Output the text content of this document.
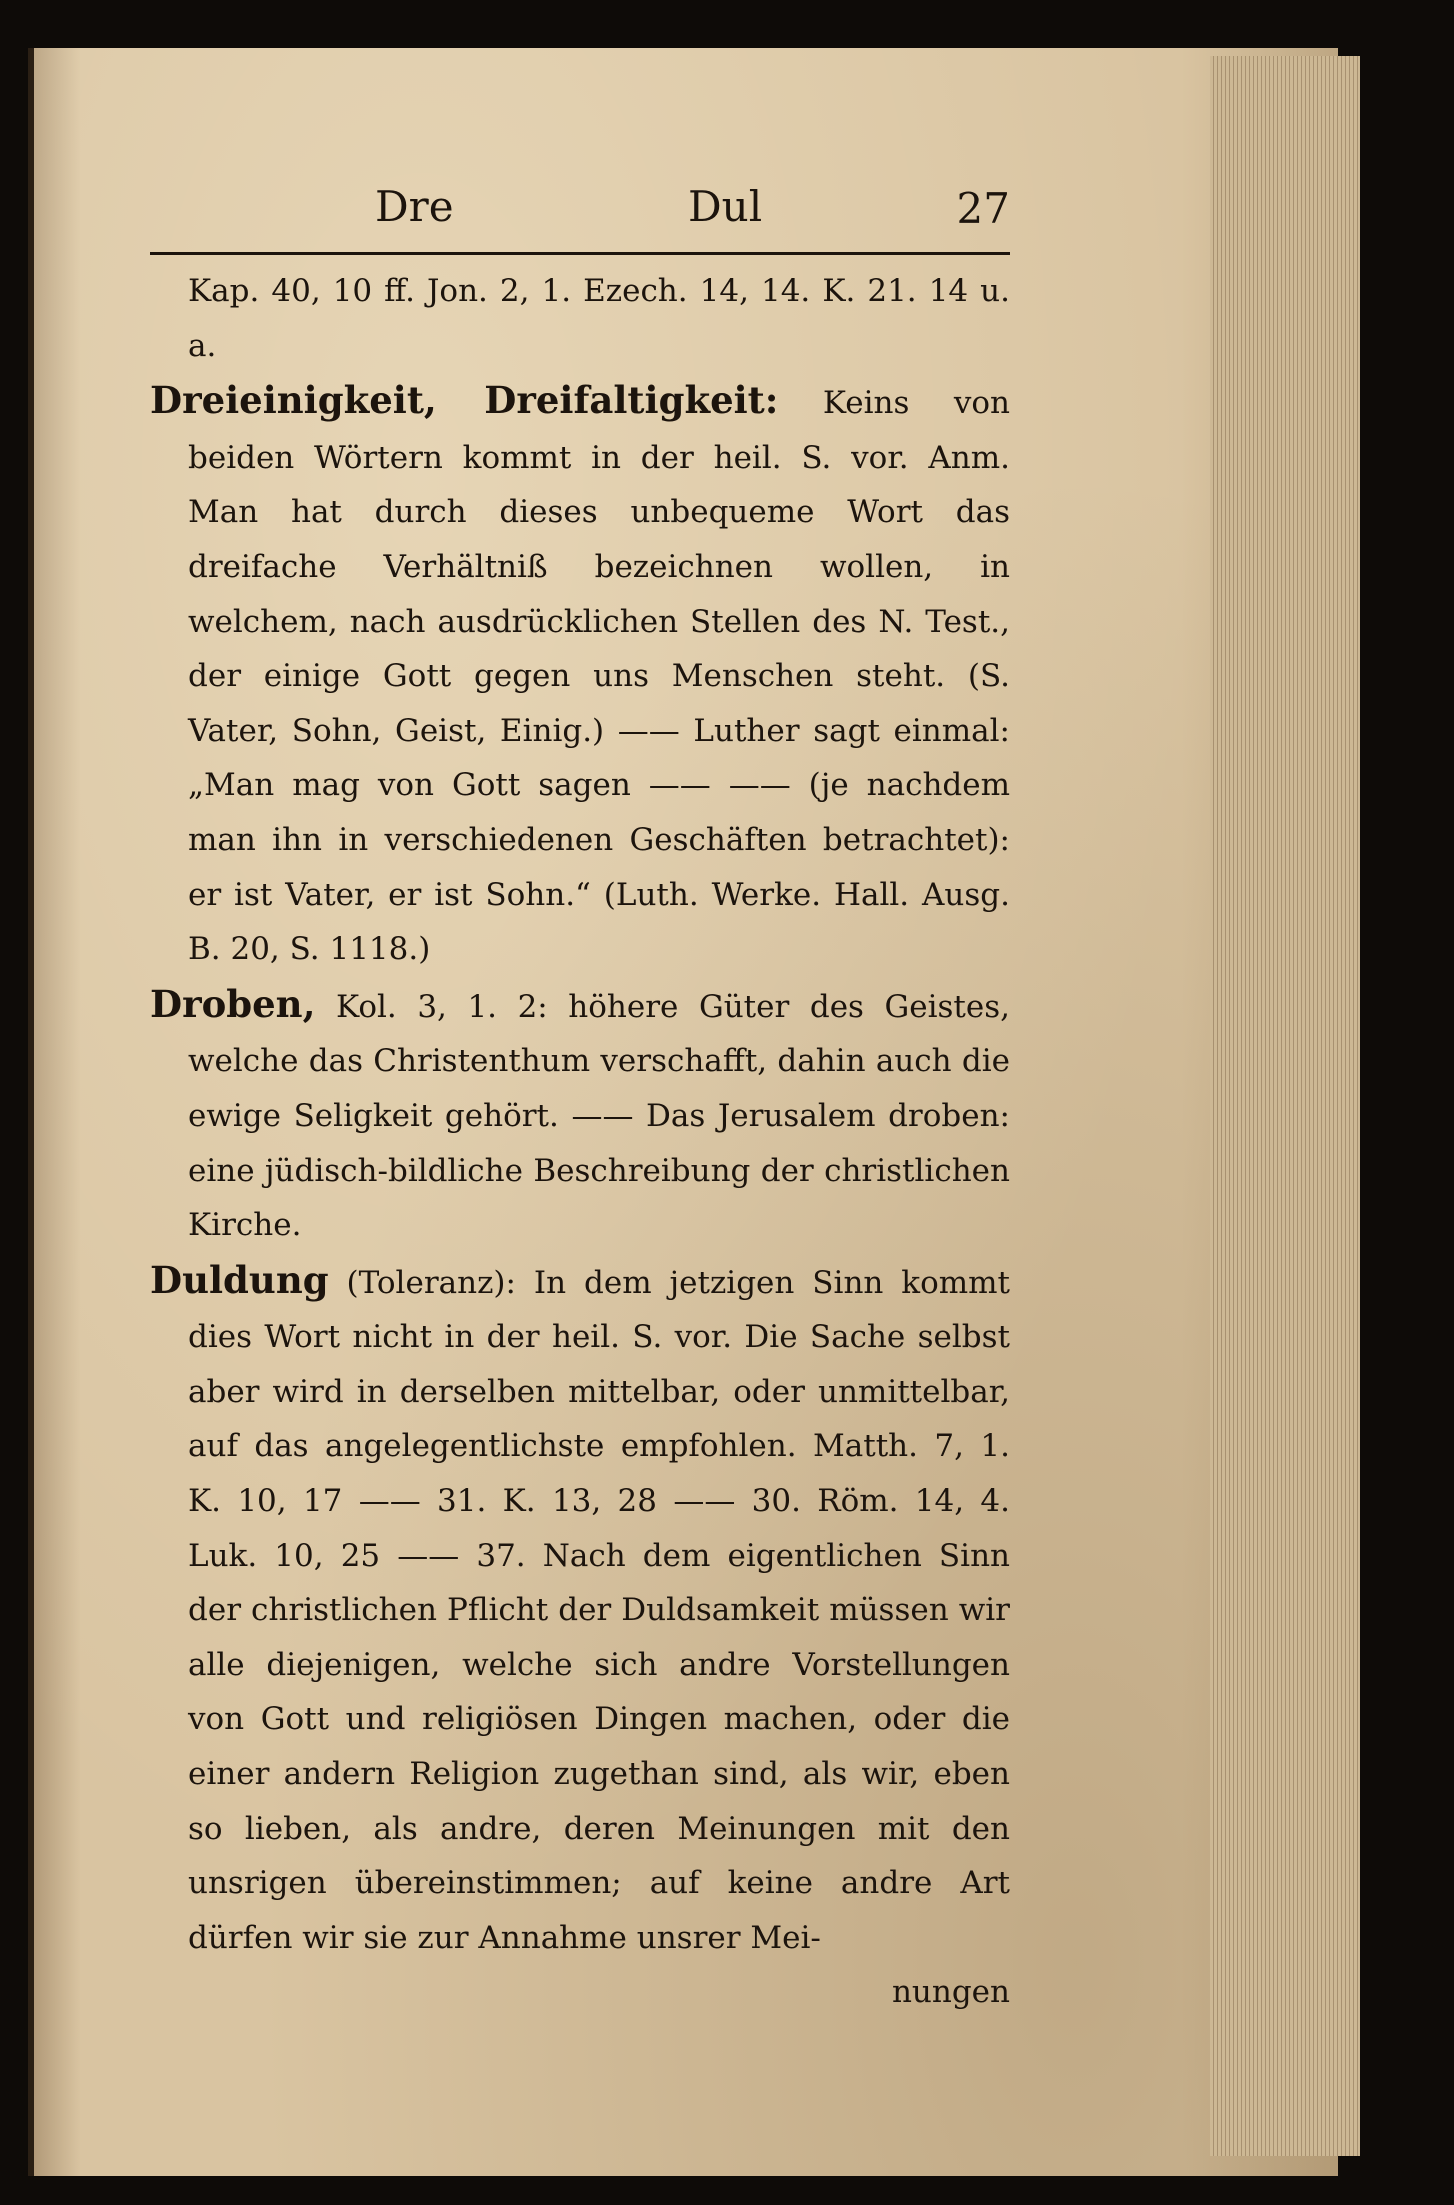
Dre	Dul	27

Kap. 40, 10 ff. Jon. 2, 1. Ezech. 14, 14. K. 21. 14 u. a.

Dreieinigkeit, Dreifaltigkeit: Keins von beiden Wörtern kommt in der heil. S. vor. Anm. Man hat durch dieses unbequeme Wort das dreifache Verhältniß bezeichnen wollen, in welchem, nach ausdrücklichen Stellen des N. Test., der einige Gott gegen uns Menschen steht. (S. Vater, Sohn, Geist, Einig.) —— Luther sagt einmal: „Man mag von Gott sagen —— —— (je nachdem man ihn in verschiedenen Geschäften betrachtet): er ist Vater, er ist Sohn.“ (Luth. Werke. Hall. Ausg. B. 20, S. 1118.)

Droben, Kol. 3, 1. 2: höhere Güter des Geistes, welche das Christenthum verschafft, dahin auch die ewige Seligkeit gehört. —— Das Jerusalem droben: eine jüdisch-bildliche Beschreibung der christlichen Kirche.

Duldung (Toleranz): In dem jetzigen Sinn kommt dies Wort nicht in der heil. S. vor. Die Sache selbst aber wird in derselben mittelbar, oder unmittelbar, auf das angelegentlichste empfohlen. Matth. 7, 1. K. 10, 17 —— 31. K. 13, 28 —— 30. Röm. 14, 4. Luk. 10, 25 —— 37. Nach dem eigentlichen Sinn der christlichen Pflicht der Duldsamkeit müssen wir alle diejenigen, welche sich andre Vorstellungen von Gott und religiösen Dingen machen, oder die einer andern Religion zugethan sind, als wir, eben so lieben, als andre, deren Meinungen mit den unsrigen übereinstimmen; auf keine andre Art dürfen wir sie zur Annahme unsrer Mei-

nungen
